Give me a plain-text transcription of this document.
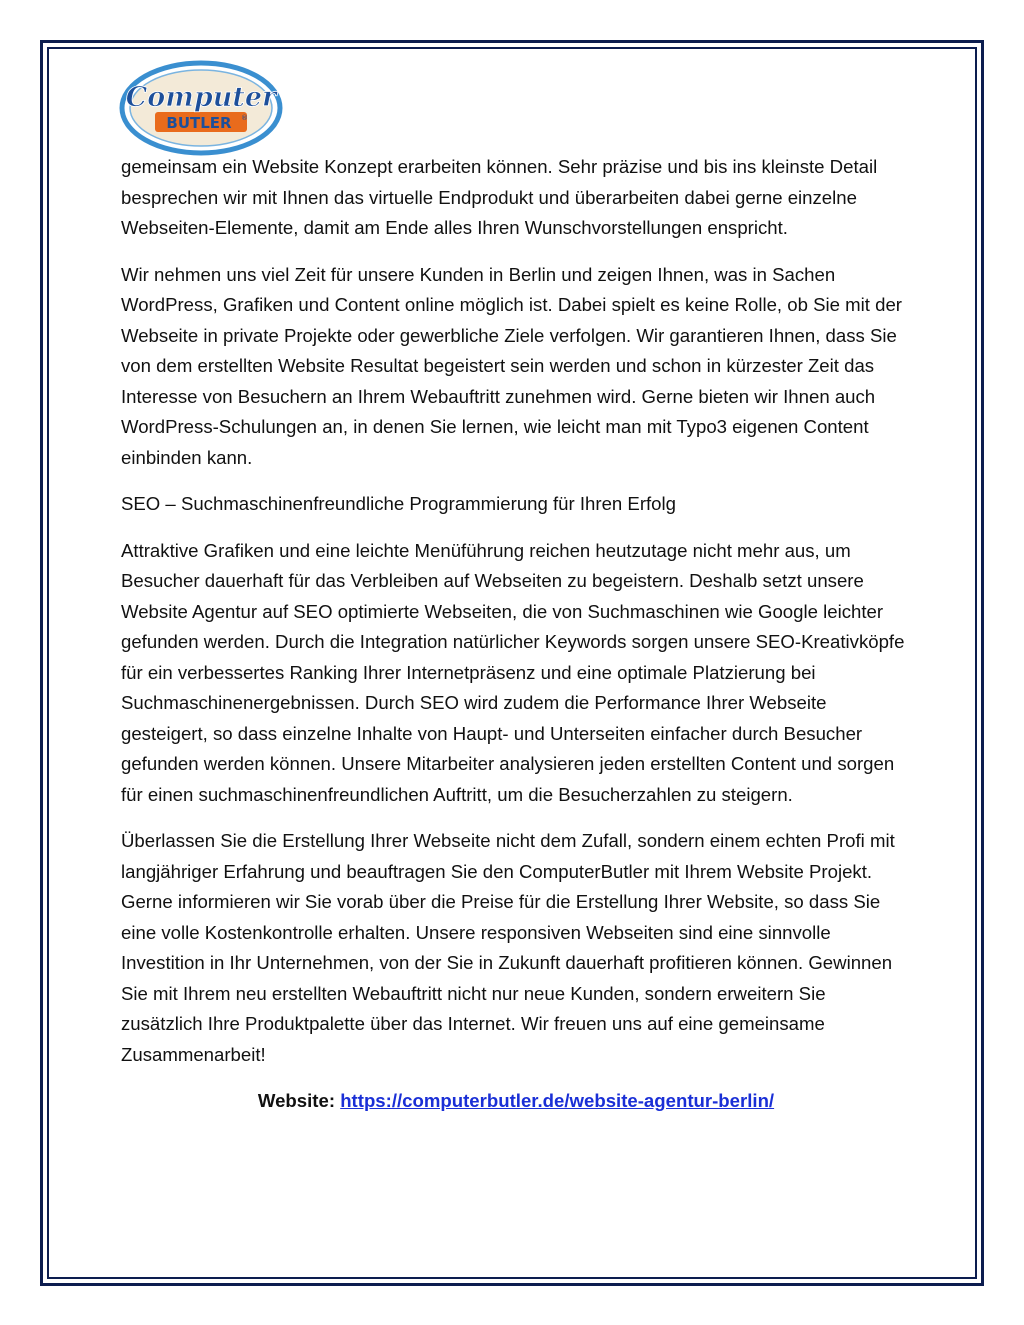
Computer
BUTLER ®

gemeinsam ein Website Konzept erarbeiten können. Sehr präzise und bis ins kleinste Detail besprechen wir mit Ihnen das virtuelle Endprodukt und überarbeiten dabei gerne einzelne Webseiten-Elemente, damit am Ende alles Ihren Wunschvorstellungen enspricht.

Wir nehmen uns viel Zeit für unsere Kunden in Berlin und zeigen Ihnen, was in Sachen WordPress, Grafiken und Content online möglich ist. Dabei spielt es keine Rolle, ob Sie mit der Webseite in private Projekte oder gewerbliche Ziele verfolgen. Wir garantieren Ihnen, dass Sie von dem erstellten Website Resultat begeistert sein werden und schon in kürzester Zeit das Interesse von Besuchern an Ihrem Webauftritt zunehmen wird. Gerne bieten wir Ihnen auch WordPress-Schulungen an, in denen Sie lernen, wie leicht man mit Typo3 eigenen Content einbinden kann.

SEO – Suchmaschinenfreundliche Programmierung für Ihren Erfolg

Attraktive Grafiken und eine leichte Menüführung reichen heutzutage nicht mehr aus, um Besucher dauerhaft für das Verbleiben auf Webseiten zu begeistern. Deshalb setzt unsere Website Agentur auf SEO optimierte Webseiten, die von Suchmaschinen wie Google leichter gefunden werden. Durch die Integration natürlicher Keywords sorgen unsere SEO-Kreativköpfe für ein verbessertes Ranking Ihrer Internetpräsenz und eine optimale Platzierung bei Suchmaschinenergebnissen. Durch SEO wird zudem die Performance Ihrer Webseite gesteigert, so dass einzelne Inhalte von Haupt- und Unterseiten einfacher durch Besucher gefunden werden können. Unsere Mitarbeiter analysieren jeden erstellten Content und sorgen für einen suchmaschinenfreundlichen Auftritt, um die Besucherzahlen zu steigern.

Überlassen Sie die Erstellung Ihrer Webseite nicht dem Zufall, sondern einem echten Profi mit langjähriger Erfahrung und beauftragen Sie den ComputerButler mit Ihrem Website Projekt. Gerne informieren wir Sie vorab über die Preise für die Erstellung Ihrer Website, so dass Sie eine volle Kostenkontrolle erhalten. Unsere responsiven Webseiten sind eine sinnvolle Investition in Ihr Unternehmen, von der Sie in Zukunft dauerhaft profitieren können. Gewinnen Sie mit Ihrem neu erstellten Webauftritt nicht nur neue Kunden, sondern erweitern Sie zusätzlich Ihre Produktpalette über das Internet. Wir freuen uns auf eine gemeinsame Zusammenarbeit!

Website: https://computerbutler.de/website-agentur-berlin/
